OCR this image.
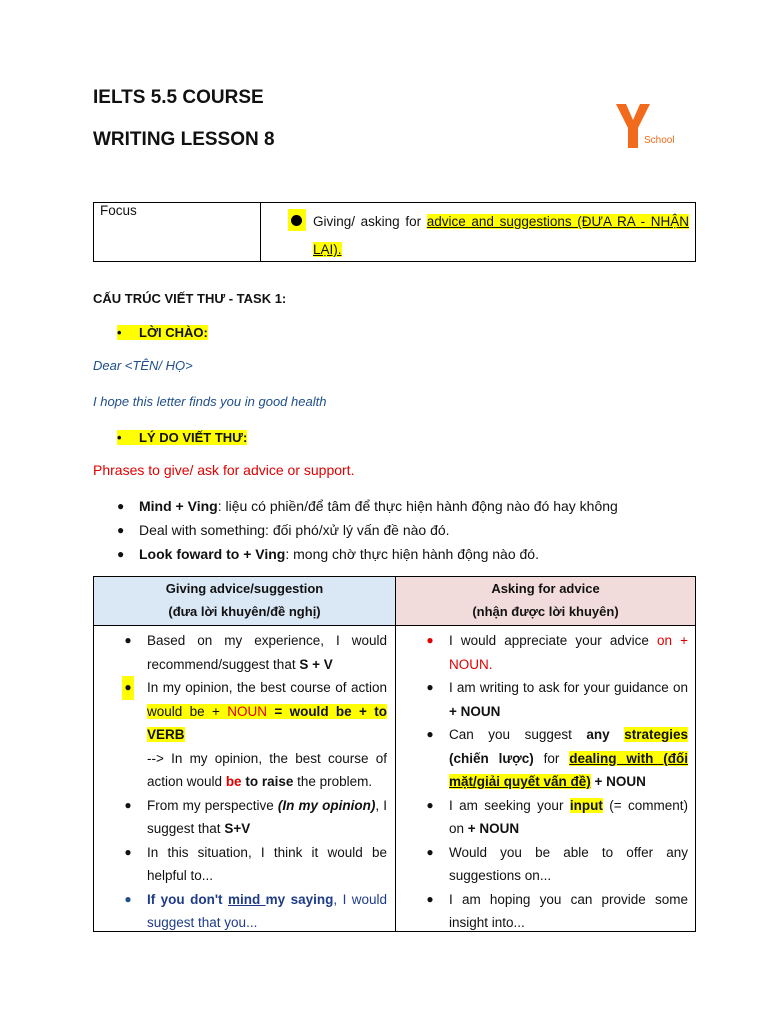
IELTS 5.5 COURSE
WRITING LESSON 8	School
Focus
Giving/ asking for advice and suggestions (ĐƯA RA - NHẬN LẠI).
CẤU TRÚC VIẾT THƯ - TASK 1:
• LỜI CHÀO:
Dear <TÊN/ HỌ>
I hope this letter finds you in good health
• LÝ DO VIẾT THƯ:
Phrases to give/ ask for advice or support.
● Mind + Ving: liệu có phiền/để tâm để thực hiện hành động nào đó hay không
● Deal with something: đối phó/xử lý vấn đề nào đó.
● Look foward to + Ving: mong chờ thực hiện hành động nào đó.
Giving advice/suggestion
(đưa lời khuyên/đề nghị)
Asking for advice
(nhận được lời khuyên)
● Based on my experience, I would recommend/suggest that S + V
● In my opinion, the best course of action would be + NOUN = would be + to VERB
--> In my opinion, the best course of action would be to raise the problem.
● From my perspective (In my opinion), I suggest that S+V
● In this situation, I think it would be helpful to...
● If you don't mind my saying, I would suggest that you...
● I would appreciate your advice on + NOUN.
● I am writing to ask for your guidance on + NOUN
● Can you suggest any strategies (chiến lược) for dealing with (đối mặt/giải quyết vấn đề) + NOUN
● I am seeking your input (= comment) on + NOUN
● Would you be able to offer any suggestions on...
● I am hoping you can provide some insight into...
